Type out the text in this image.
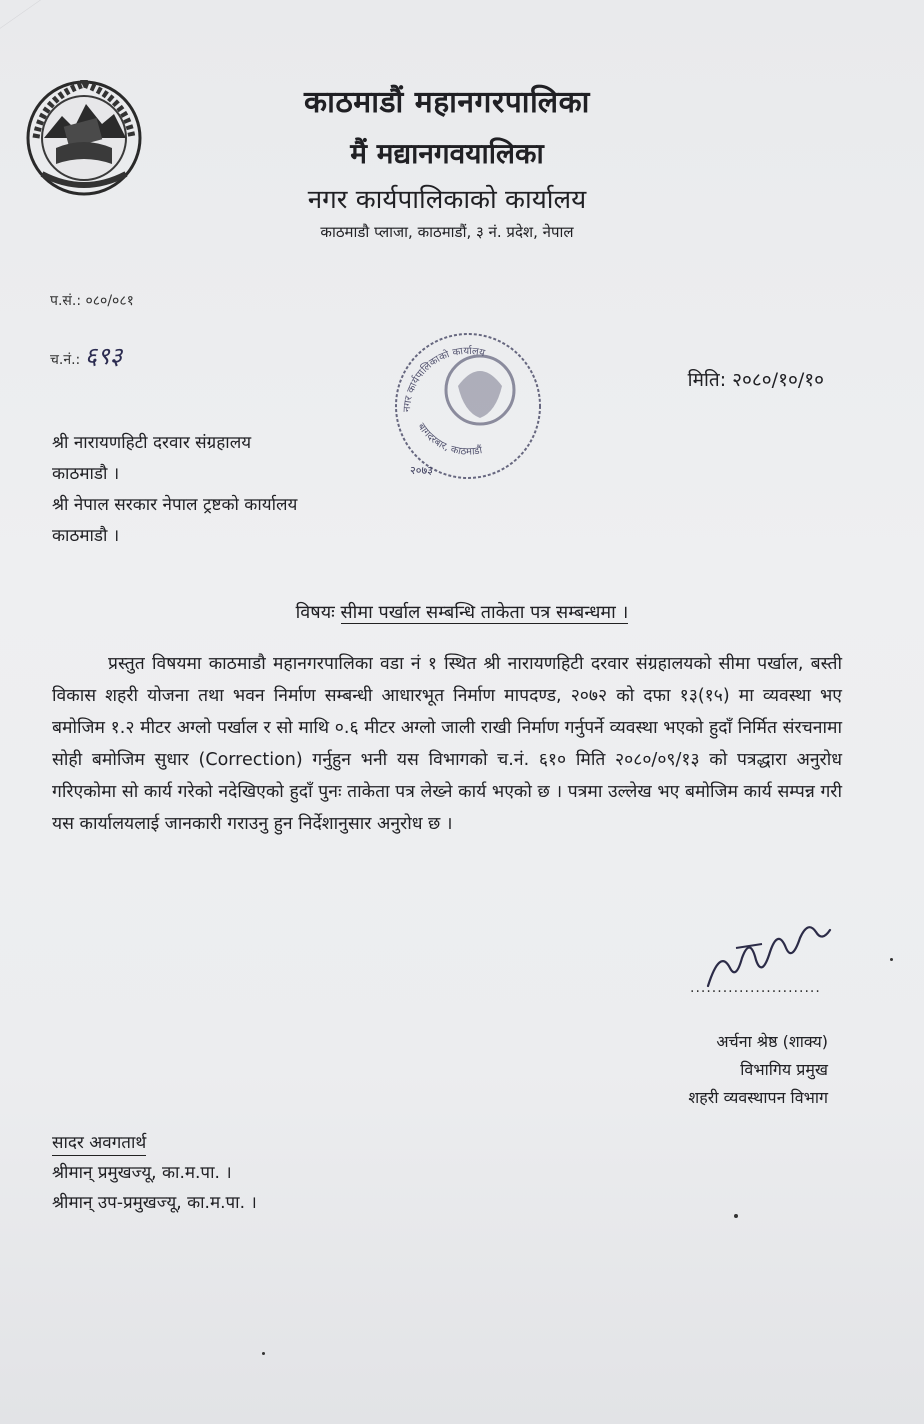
काठमाडौं महानगरपालिका
मैं मद्यानगवयालिका
नगर कार्यपालिकाको कार्यालय
काठमाडौ प्लाजा, काठमाडौं, ३ नं. प्रदेश, नेपाल
प.सं.: ०८०/०८१
च.नं.: ६९३
मिति: २०८०/१०/१०
नगर कार्यपालिकाको कार्यालय
बागदरबार, काठमाडौं
२०७३
श्री नारायणहिटी दरवार संग्रहालय
काठमाडौ ।
श्री नेपाल सरकार नेपाल ट्रष्टको कार्यालय
काठमाडौ ।
विषयः सीमा पर्खाल सम्बन्धि ताकेता पत्र सम्बन्धमा ।
प्रस्तुत विषयमा काठमाडौ महानगरपालिका वडा नं १ स्थित श्री नारायणहिटी दरवार संग्रहालयको सीमा पर्खाल, बस्ती विकास शहरी योजना तथा भवन निर्माण सम्बन्धी आधारभूत निर्माण मापदण्ड, २०७२ को दफा १३(१५) मा व्यवस्था भए बमोजिम १.२ मीटर अग्लो पर्खाल र सो माथि ०.६ मीटर अग्लो जाली राखी निर्माण गर्नुपर्ने व्यवस्था भएको हुदाँ निर्मित संरचनामा सोही बमोजिम सुधार (Correction) गर्नुहुन भनी यस विभागको च.नं. ६१० मिति २०८०/०९/१३ को पत्रद्धारा अनुरोध गरिएकोमा सो कार्य गरेको नदेखिएको हुदाँ पुनः ताकेता पत्र लेख्ने कार्य भएको छ । पत्रमा उल्लेख भए बमोजिम कार्य सम्पन्न गरी यस कार्यालयलाई जानकारी गराउनु हुन निर्देशानुसार अनुरोध छ ।
........................
अर्चना श्रेष्ठ (शाक्य)
विभागिय प्रमुख
शहरी व्यवस्थापन विभाग
सादर अवगतार्थ
श्रीमान् प्रमुखज्यू, का.म.पा. ।
श्रीमान् उप-प्रमुखज्यू, का.म.पा. ।
